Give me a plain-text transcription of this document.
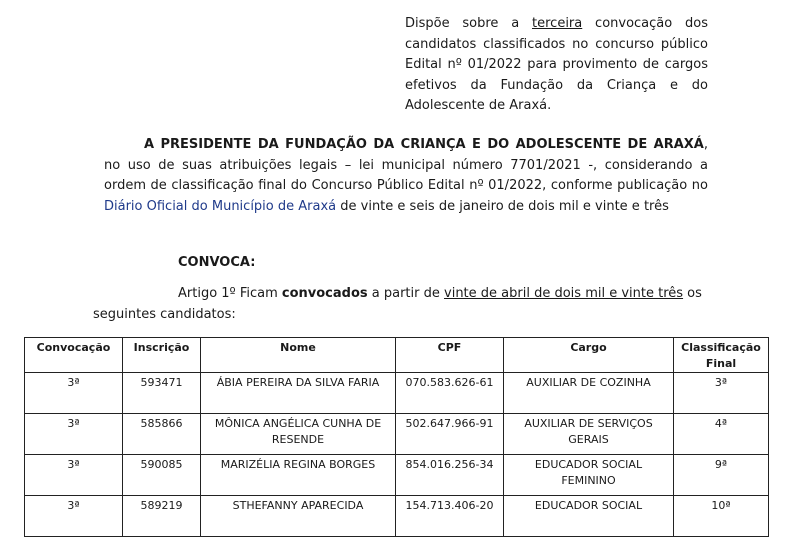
Dispõe sobre a terceira convocação dos candidatos classificados no concurso público Edital nº 01/2022 para provimento de cargos efetivos da Fundação da Criança e do Adolescente de Araxá.
A PRESIDENTE DA FUNDAÇÃO DA CRIANÇA E DO ADOLESCENTE DE ARAXÁ, no uso de suas atribuições legais – lei municipal número 7701/2021 -, considerando a ordem de classificação final do Concurso Público Edital nº 01/2022, conforme publicação no Diário Oficial do Município de Araxá de vinte e seis de janeiro de dois mil e vinte e três
CONVOCA:
Artigo 1º Ficam convocados a partir de vinte de abril de dois mil e vinte três os seguintes candidatos:
Convocação	Inscrição	Nome	CPF	Cargo	Classificação Final
3ª	593471	ÁBIA PEREIRA DA SILVA FARIA	070.583.626-61	AUXILIAR DE COZINHA	3ª
3ª	585866	MÔNICA ANGÉLICA CUNHA DE RESENDE	502.647.966-91	AUXILIAR DE SERVIÇOS GERAIS	4ª
3ª	590085	MARIZÉLIA REGINA BORGES	854.016.256-34	EDUCADOR SOCIAL FEMININO	9ª
3ª	589219	STHEFANNY APARECIDA	154.713.406-20	EDUCADOR SOCIAL	10ª
